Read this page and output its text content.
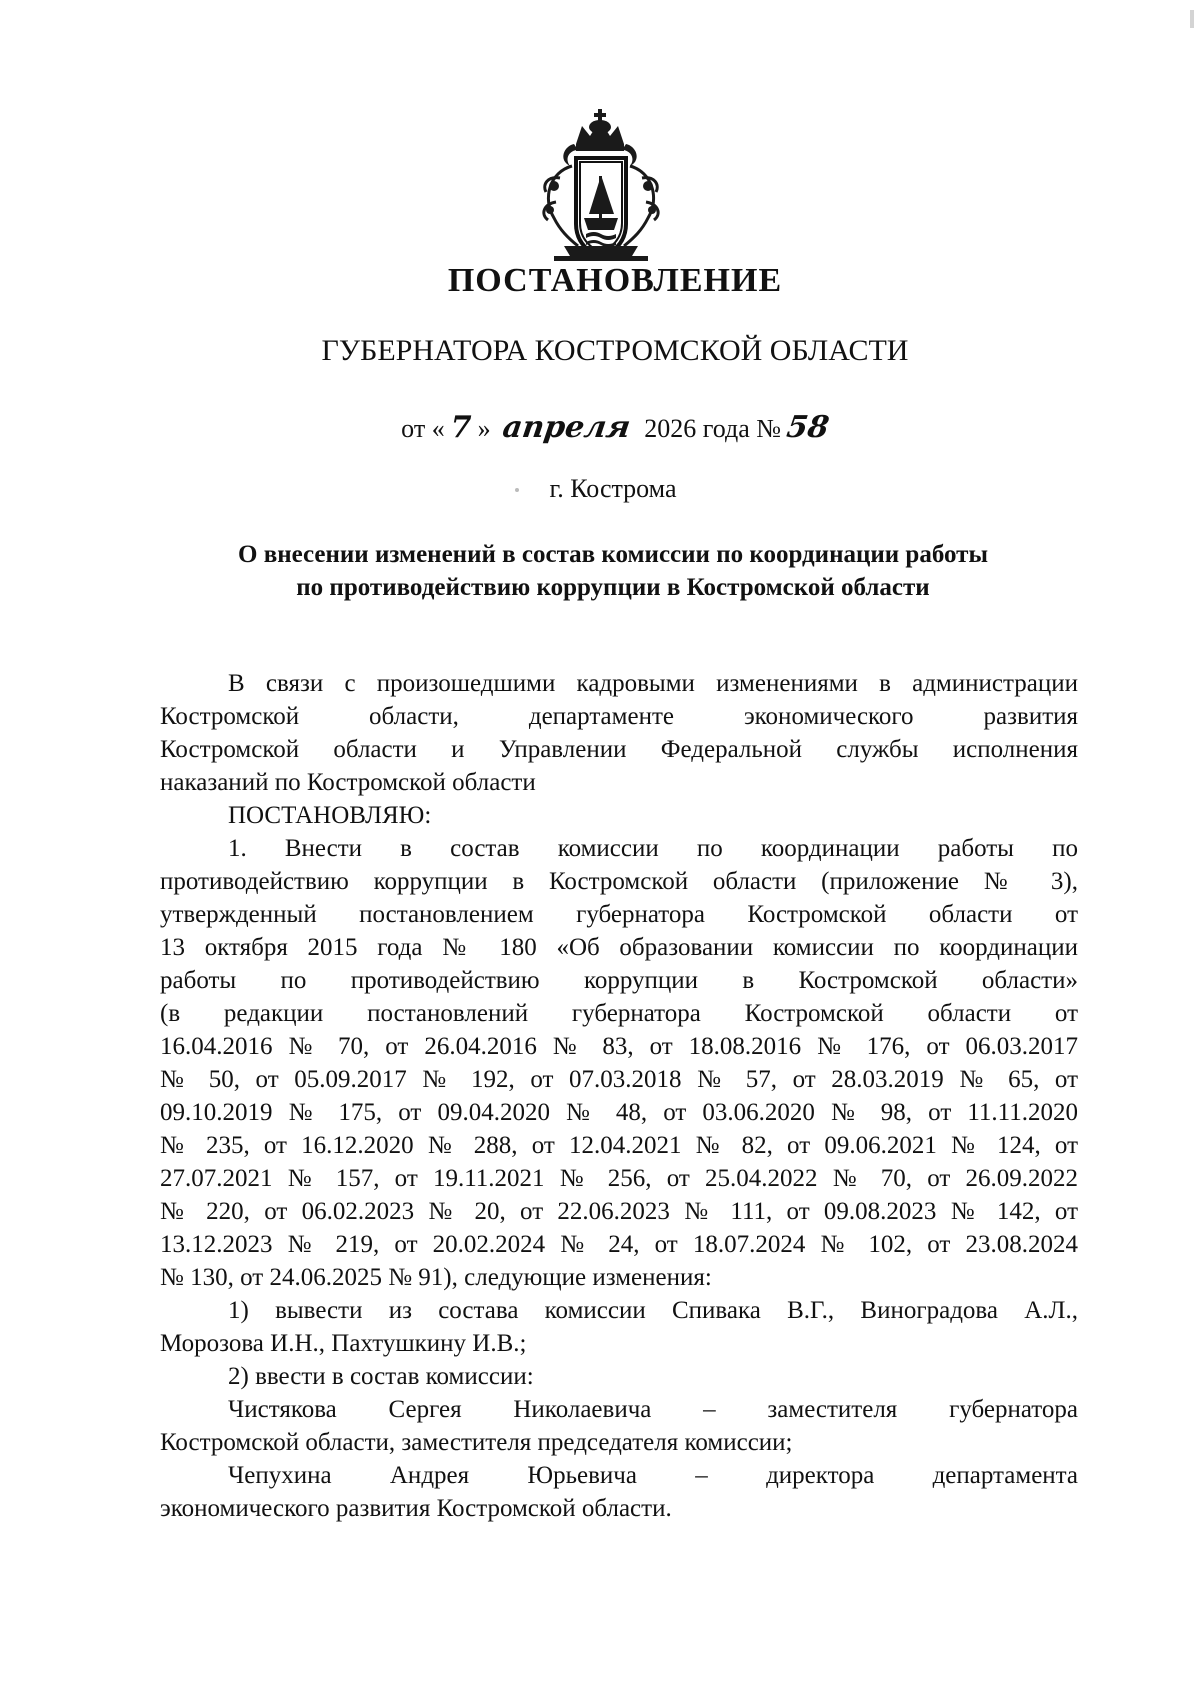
ПОСТАНОВЛЕНИЕ
ГУБЕРНАТОРА КОСТРОМСКОЙ ОБЛАСТИ
от « 7 » апреля 2026 года № 58
г. Кострома
О внесении изменений в состав комиссии по координации работы
по противодействию коррупции в Костромской области

В связи с произошедшими кадровыми изменениями в администрации

Костромской области, департаменте экономического развития

Костромской области и Управлении Федеральной службы исполнения

наказаний по Костромской области

ПОСТАНОВЛЯЮ:

1. Внести в состав комиссии по координации работы по

противодействию коррупции в Костромской области (приложение № 3),

утвержденный постановлением губернатора Костромской области от

13 октября 2015 года № 180 «Об образовании комиссии по координации

работы по противодействию коррупции в Костромской области»

(в редакции постановлений губернатора Костромской области от

16.04.2016 № 70, от 26.04.2016 № 83, от 18.08.2016 № 176, от 06.03.2017

№ 50, от 05.09.2017 № 192, от 07.03.2018 № 57, от 28.03.2019 № 65, от

09.10.2019 № 175, от 09.04.2020 № 48, от 03.06.2020 № 98, от 11.11.2020

№ 235, от 16.12.2020 № 288, от 12.04.2021 № 82, от 09.06.2021 № 124, от

27.07.2021 № 157, от 19.11.2021 № 256, от 25.04.2022 № 70, от 26.09.2022

№ 220, от 06.02.2023 № 20, от 22.06.2023 № 111, от 09.08.2023 № 142, от

13.12.2023 № 219, от 20.02.2024 № 24, от 18.07.2024 № 102, от 23.08.2024

№ 130, от 24.06.2025 № 91), следующие изменения:

1) вывести из состава комиссии Спивака В.Г., Виноградова А.Л.,

Морозова И.Н., Пахтушкину И.В.;

2) ввести в состав комиссии:

Чистякова Сергея Николаевича – заместителя губернатора

Костромской области, заместителя председателя комиссии;

Чепухина Андрея Юрьевича – директора департамента

экономического развития Костромской области.
